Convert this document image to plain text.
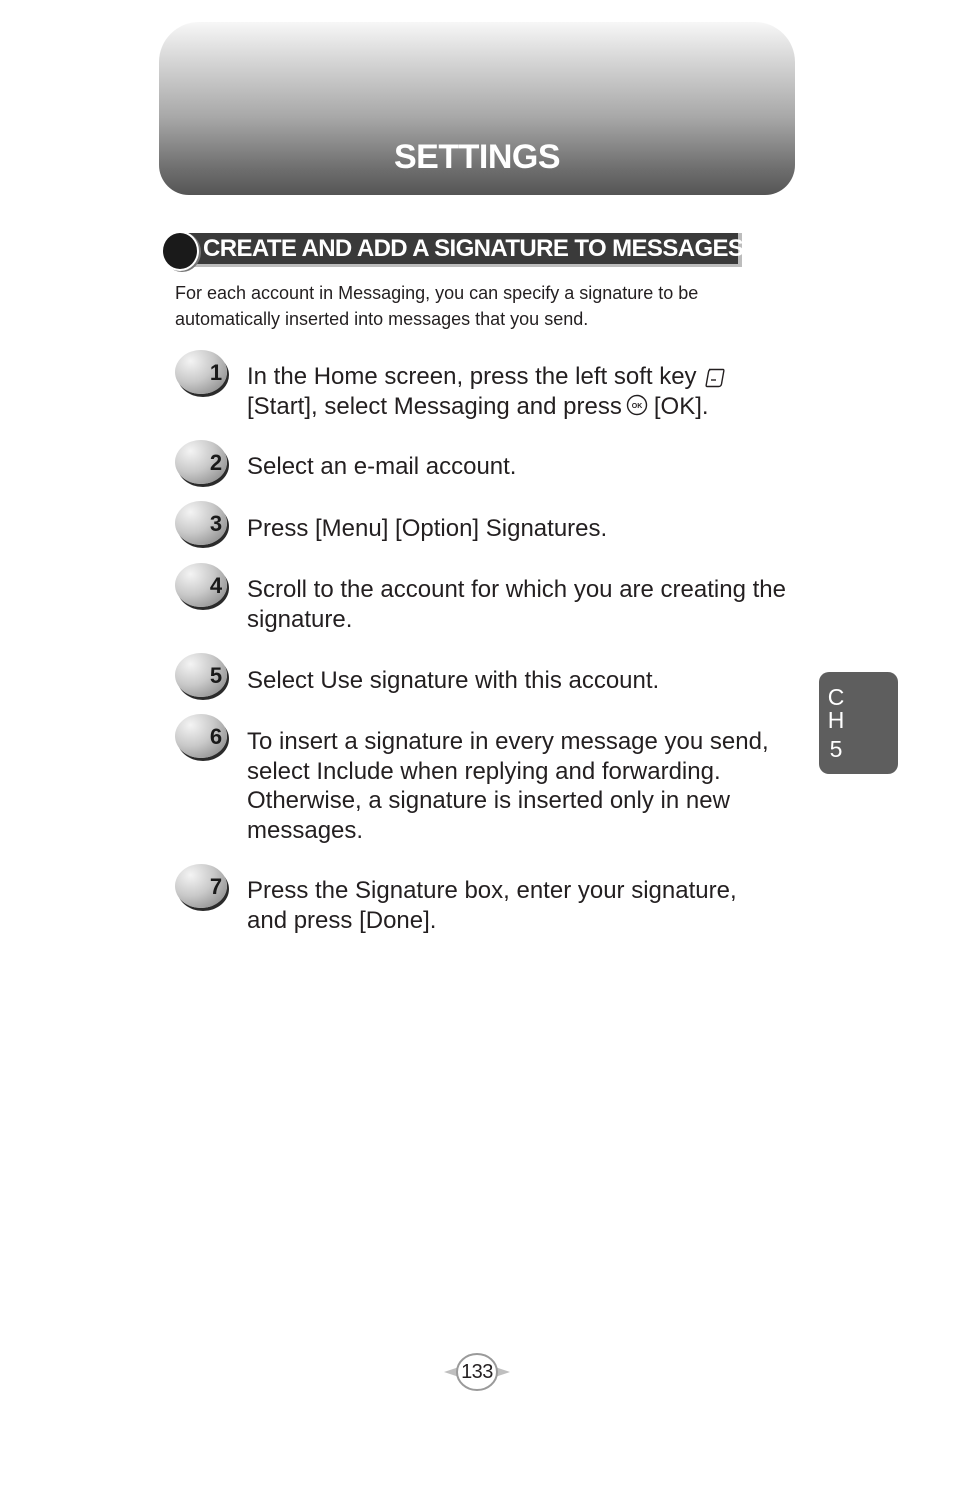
SETTINGS
CREATE AND ADD A SIGNATURE TO MESSAGES
For each account in Messaging, you can specify a signature to be automatically inserted into messages that you send.
1 In the Home screen, press the left soft key
[Start], select Messaging and press OK [OK].
2 Select an e-mail account.
3 Press [Menu] [Option] Signatures.
4 Scroll to the account for which you are creating the signature.
5 Select Use signature with this account.
6 To insert a signature in every message you send, select Include when replying and forwarding. Otherwise, a signature is inserted only in new messages.
7 Press the Signature box, enter your signature, and press [Done].
C
H
5
133
